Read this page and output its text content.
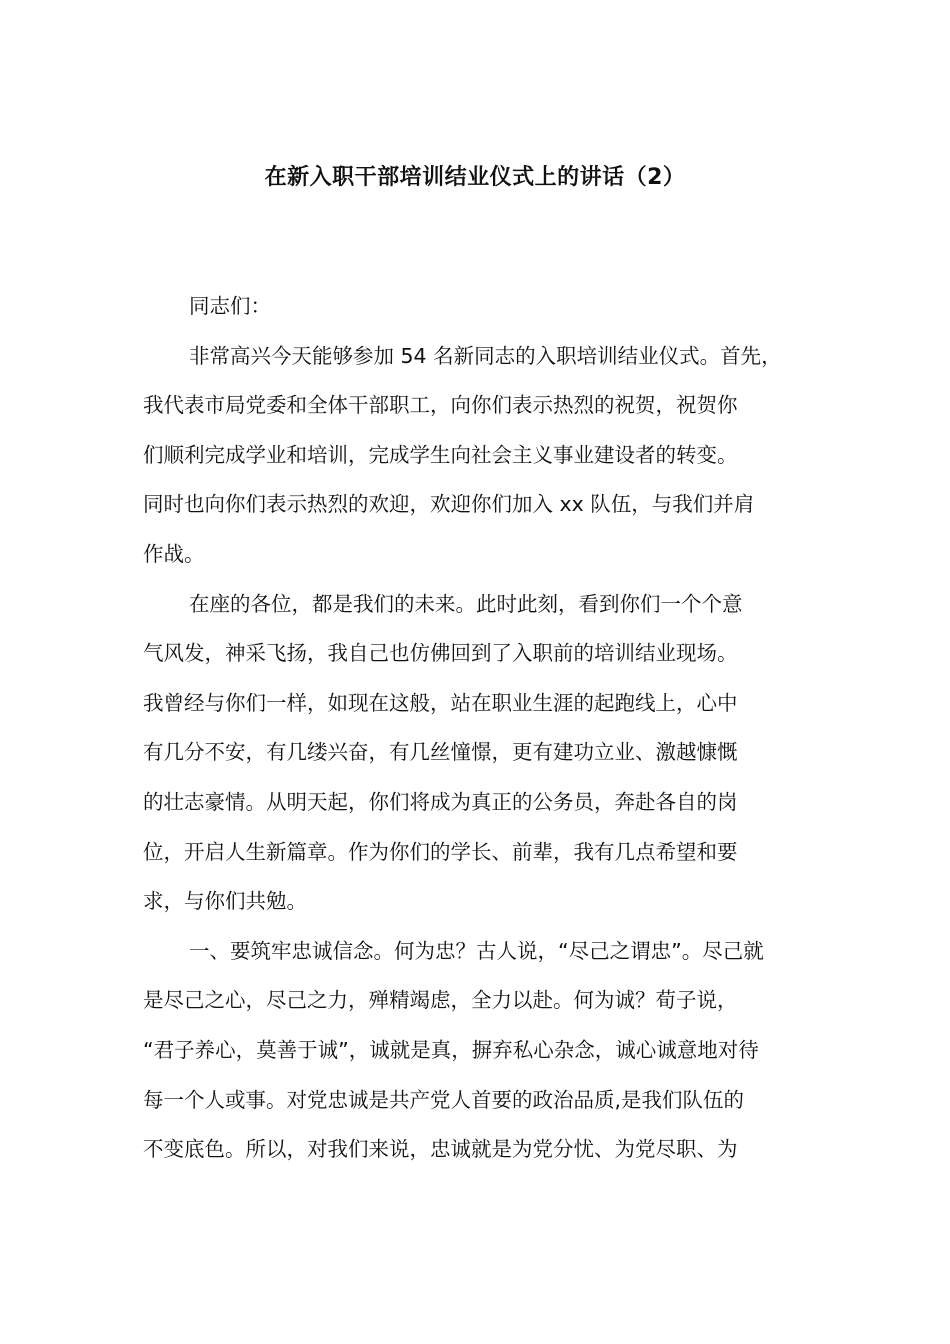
在新入职干部培训结业仪式上的讲话（2）
同志们：
非常高兴今天能够参加 54 名新同志的入职培训结业仪式。首先，
我代表市局党委和全体干部职工，向你们表示热烈的祝贺，祝贺你
们顺利完成学业和培训，完成学生向社会主义事业建设者的转变。
同时也向你们表示热烈的欢迎，欢迎你们加入 xx 队伍，与我们并肩
作战。
在座的各位，都是我们的未来。此时此刻，看到你们一个个意
气风发，神采飞扬，我自己也仿佛回到了入职前的培训结业现场。
我曾经与你们一样，如现在这般，站在职业生涯的起跑线上，心中
有几分不安，有几缕兴奋，有几丝憧憬，更有建功立业、激越慷慨
的壮志豪情。从明天起，你们将成为真正的公务员，奔赴各自的岗
位，开启人生新篇章。作为你们的学长、前辈，我有几点希望和要
求，与你们共勉。
一、要筑牢忠诚信念。何为忠？古人说，“尽己之谓忠”。尽己就
是尽己之心，尽己之力，殚精竭虑，全力以赴。何为诚？荀子说，
“君子养心，莫善于诚”，诚就是真，摒弃私心杂念，诚心诚意地对待
每一个人或事。对党忠诚是共产党人首要的政治品质,是我们队伍的
不变底色。所以，对我们来说，忠诚就是为党分忧、为党尽职、为
